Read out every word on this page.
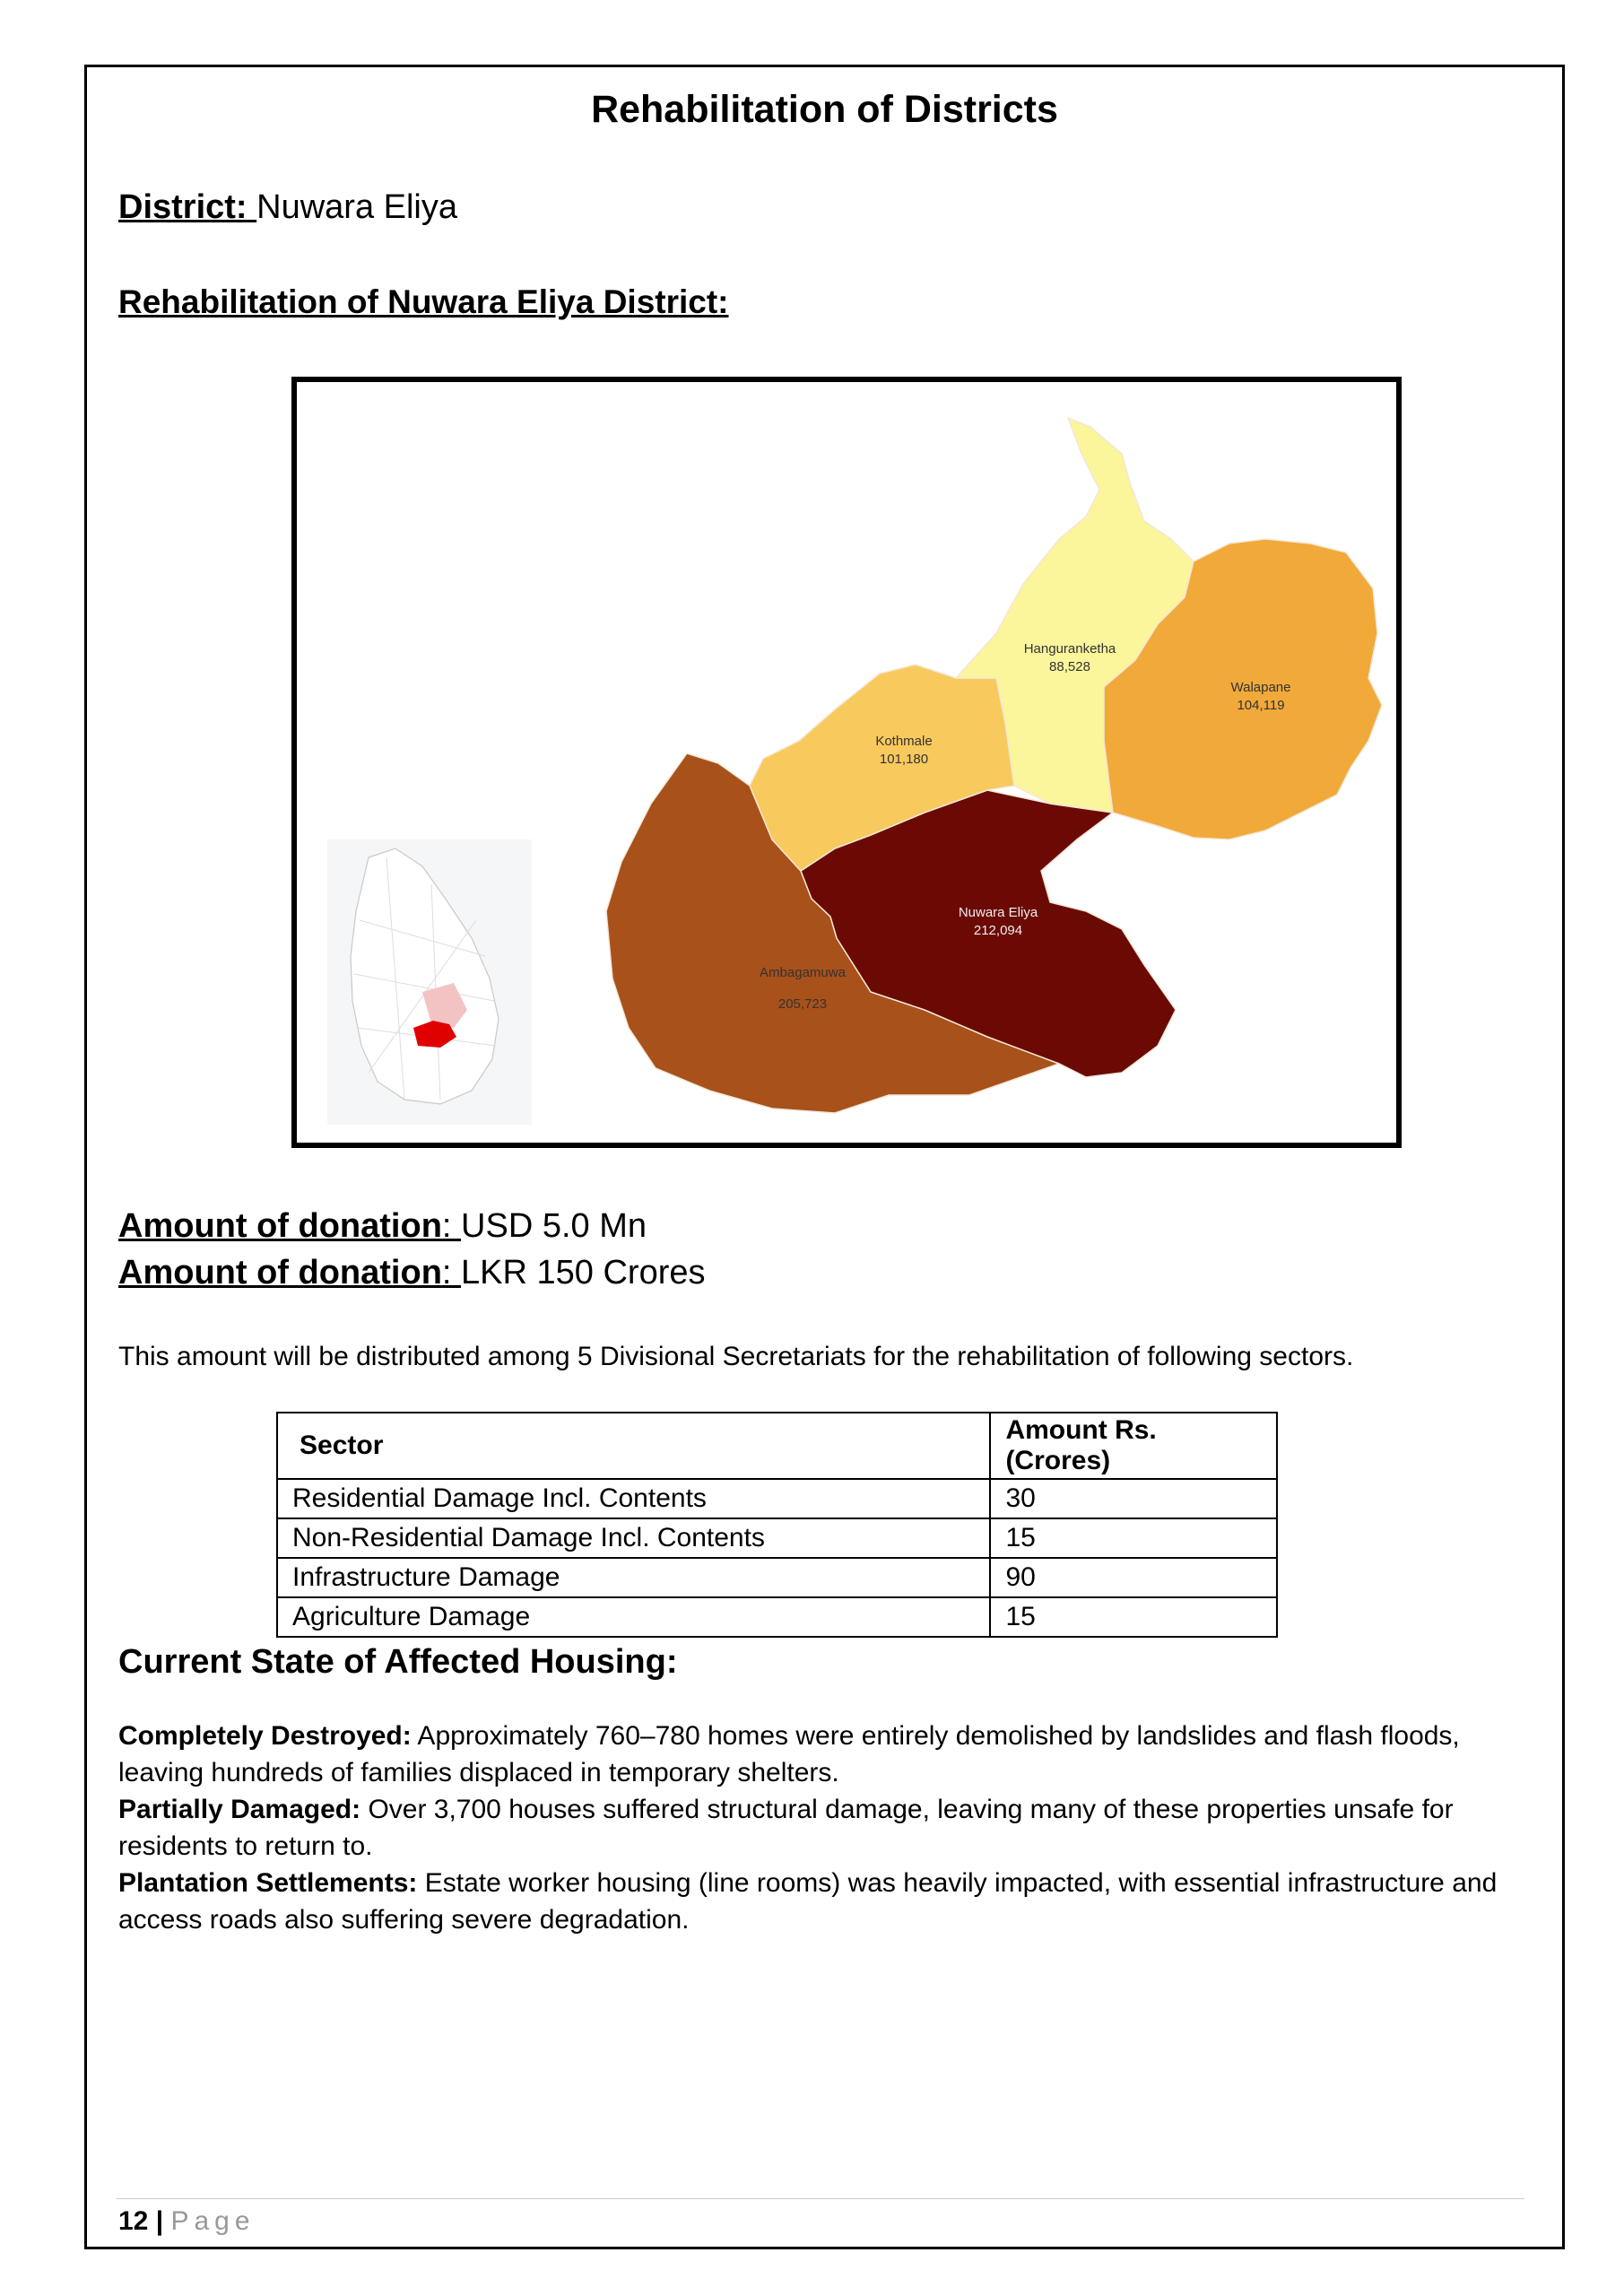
Rehabilitation of Districts
District: Nuwara Eliya
Rehabilitation of Nuwara Eliya District:
Hanguranketha
88,528
Walapane
104,119
Kothmale
101,180
Nuwara Eliya
212,094
Ambagamuwa
205,723
Amount of donation: USD 5.0 Mn
Amount of donation: LKR 150 Crores
This amount will be distributed among 5 Divisional Secretariats for the rehabilitation of following sectors.
Sector	Amount Rs. (Crores)
Residential Damage Incl. Contents	30
Non-Residential Damage Incl. Contents	15
Infrastructure Damage	90
Agriculture Damage	15
Current State of Affected Housing:
Completely Destroyed: Approximately 760–780 homes were entirely demolished by landslides and flash floods, leaving hundreds of families displaced in temporary shelters.
Partially Damaged: Over 3,700 houses suffered structural damage, leaving many of these properties unsafe for residents to return to.
Plantation Settlements: Estate worker housing (line rooms) was heavily impacted, with essential infrastructure and access roads also suffering severe degradation.
12 | Page
